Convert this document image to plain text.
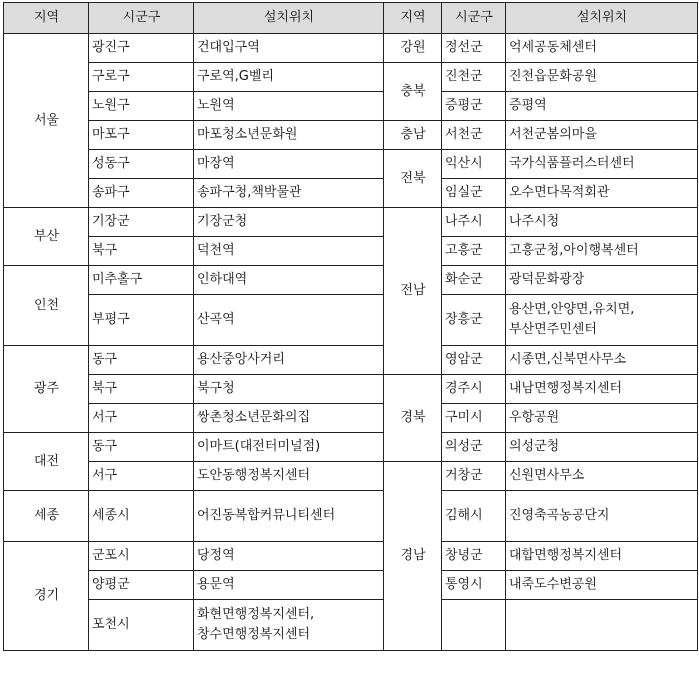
지역	시군구	설치위치	지역	시군구	설치위치
서울	광진구	건대입구역	강원	정선군	억세공동체센터
	구로구	구로역,G벨리	충북	진천군	진천읍문화공원
	노원구	노원역		증평군	증평역
	마포구	마포청소년문화원	충남	서천군	서천군봄의마을
	성동구	마장역	전북	익산시	국가식품플러스터센터
	송파구	송파구청,책박물관		임실군	오수면다목적회관
부산	기장군	기장군청	전남	나주시	나주시청
	북구	덕천역		고흥군	고흥군청,아이행복센터
인천	미추홀구	인하대역		화순군	광덕문화광장
	부평구	산곡역		장흥군	용산면,안양면,유치면,부산면주민센터
광주	동구	용산중앙사거리		영암군	시종면,신북면사무소
	북구	북구청	경북	경주시	내남면행정복지센터
	서구	쌍촌청소년문화의집		구미시	우항공원
대전	동구	이마트(대전터미널점)		의성군	의성군청
	서구	도안동행정복지센터	경남	거창군	신원면사무소
세종	세종시	어진동복합커뮤니티센터		김해시	진영축곡농공단지
경기	군포시	당정역		창녕군	대합면행정복지센터
	양평군	용문역		통영시	내죽도수변공원
	포천시	화현면행정복지센터,창수면행정복지센터			
